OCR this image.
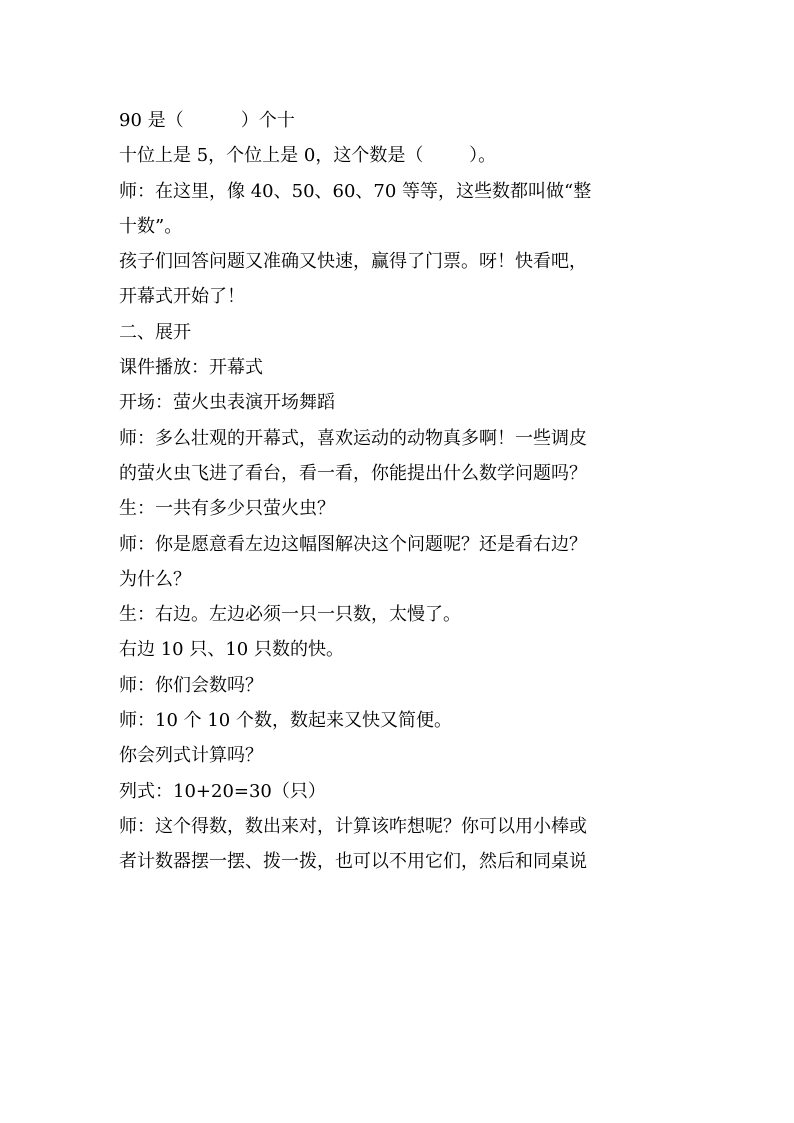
90 是（          ）个十
十位上是 5，个位上是 0，这个数是（        ）。
师：在这里，像 40、50、60、70 等等，这些数都叫做“整
十数”。
孩子们回答问题又准确又快速，赢得了门票。呀！快看吧，
开幕式开始了！
二、展开
课件播放：开幕式
开场：萤火虫表演开场舞蹈
师：多么壮观的开幕式，喜欢运动的动物真多啊！一些调皮
的萤火虫飞进了看台，看一看，你能提出什么数学问题吗？
生：一共有多少只萤火虫？
师：你是愿意看左边这幅图解决这个问题呢？还是看右边？
为什么？
生：右边。左边必须一只一只数，太慢了。
右边 10 只、10 只数的快。
师：你们会数吗？
师：10 个 10 个数，数起来又快又简便。
你会列式计算吗？
列式：10+20=30（只）
师：这个得数，数出来对，计算该咋想呢？你可以用小棒或
者计数器摆一摆、拨一拨，也可以不用它们，然后和同桌说
